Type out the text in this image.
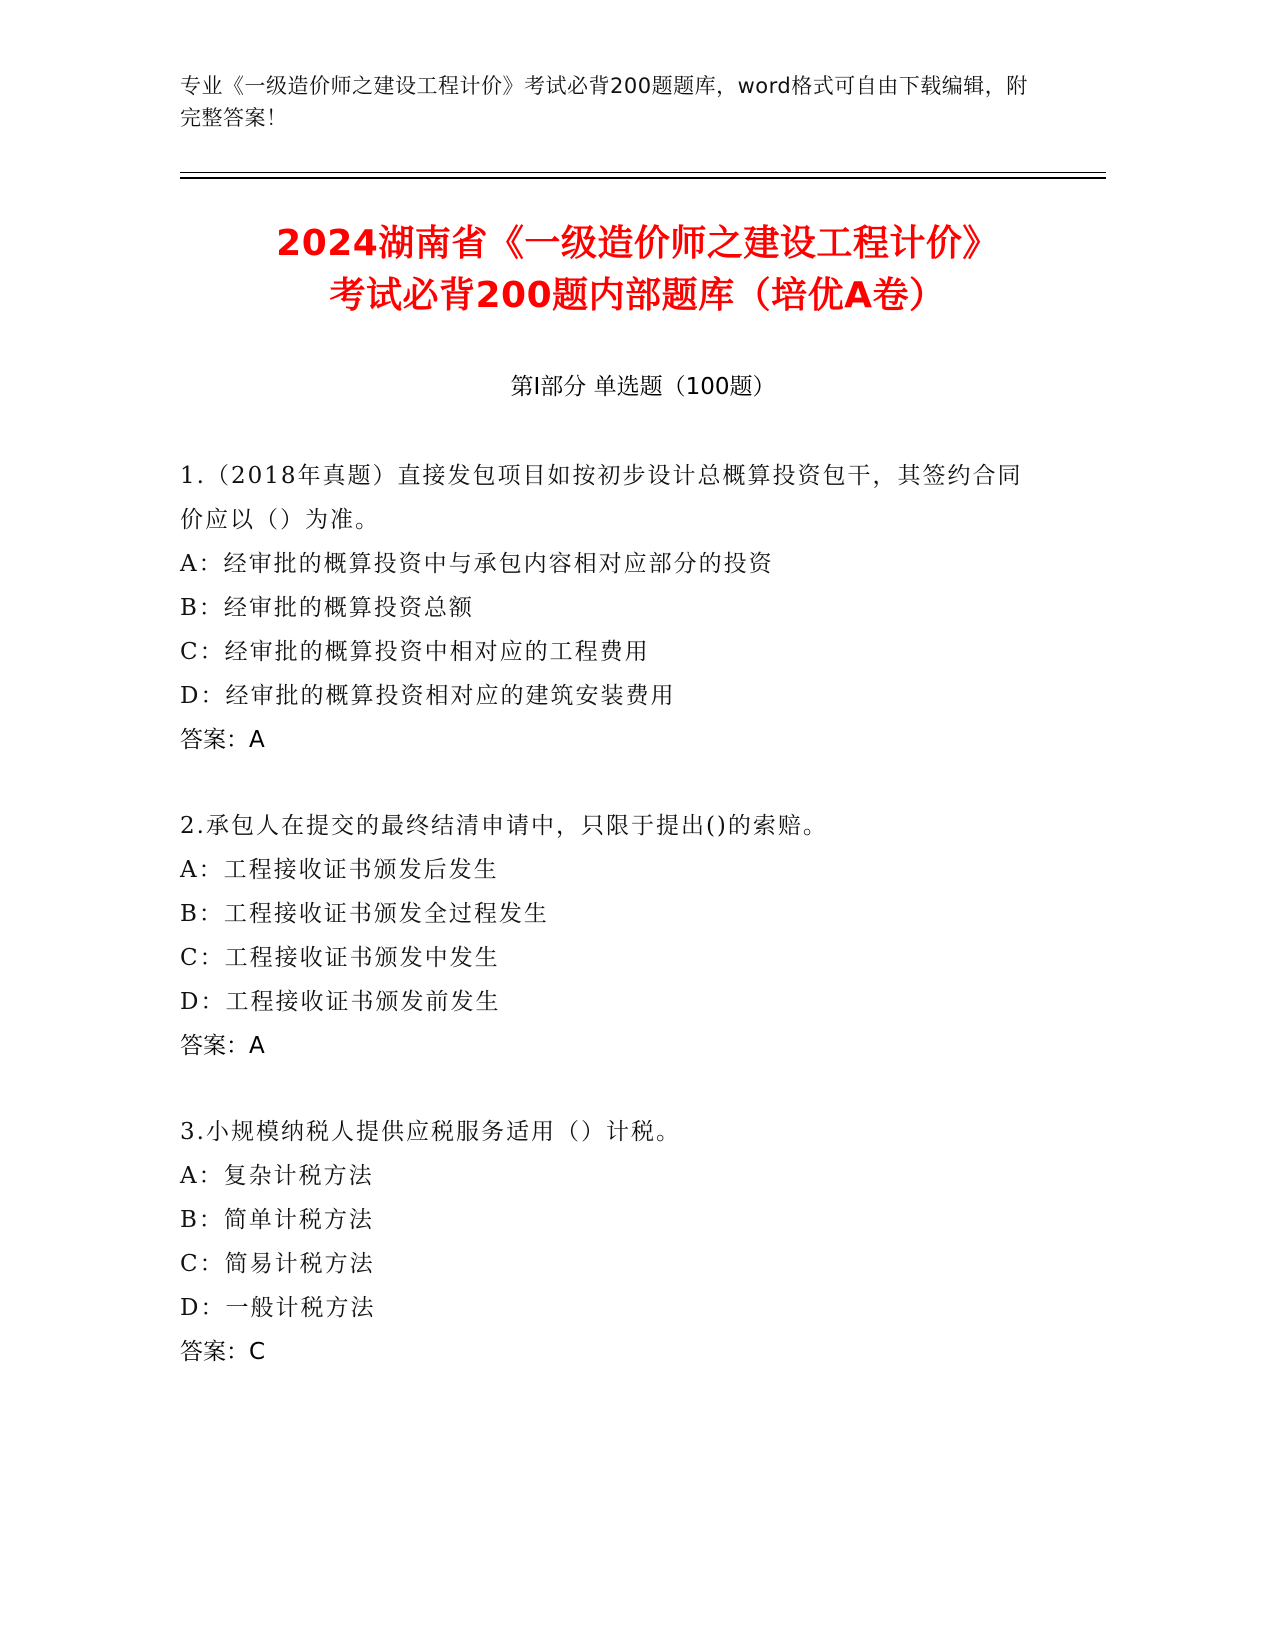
专业《一级造价师之建设工程计价》考试必背200题题库，word格式可自由下载编辑，附完整答案！
2024湖南省《一级造价师之建设工程计价》
考试必背200题内部题库（培优A卷）
第I部分 单选题（100题）
1.（2018年真题）直接发包项目如按初步设计总概算投资包干，其签约合同价应以（）为准。
A：经审批的概算投资中与承包内容相对应部分的投资
B：经审批的概算投资总额
C：经审批的概算投资中相对应的工程费用
D：经审批的概算投资相对应的建筑安装费用
答案：A
2.承包人在提交的最终结清申请中，只限于提出()的索赔。
A：工程接收证书颁发后发生
B：工程接收证书颁发全过程发生
C：工程接收证书颁发中发生
D：工程接收证书颁发前发生
答案：A
3.小规模纳税人提供应税服务适用（）计税。
A：复杂计税方法
B：简单计税方法
C：简易计税方法
D：一般计税方法
答案：C
